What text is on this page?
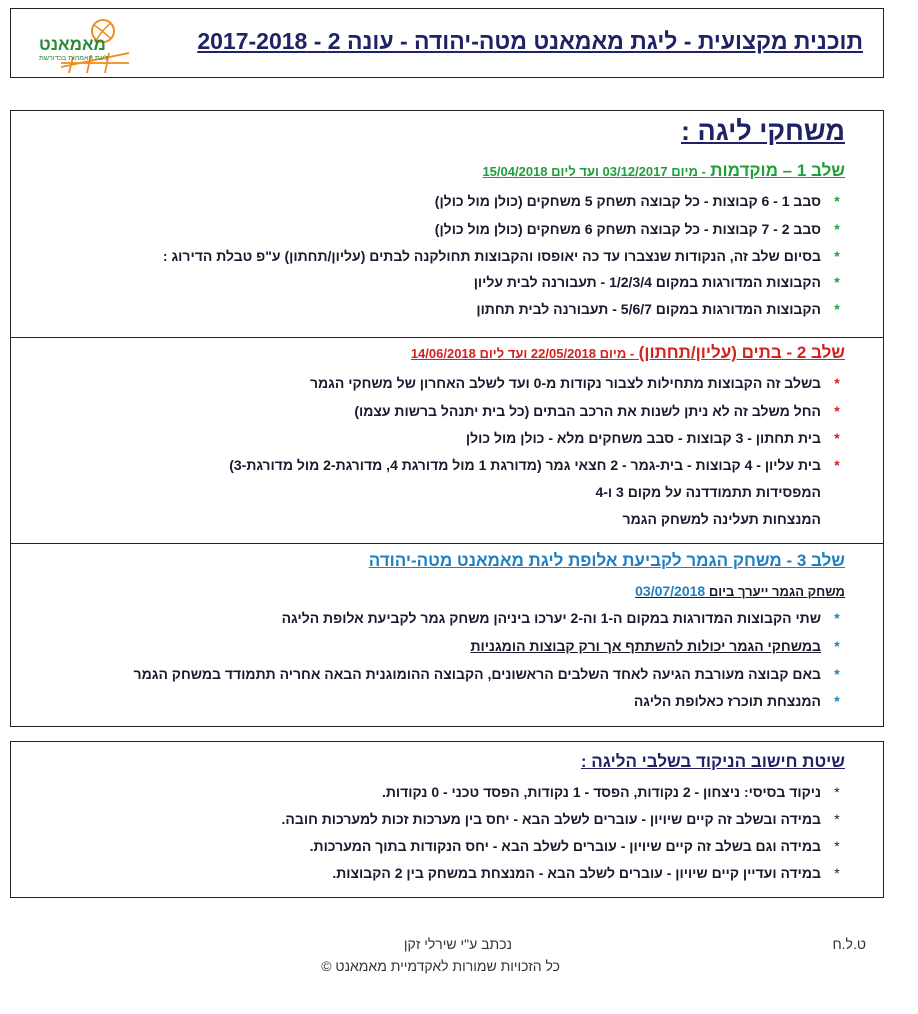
מאמאנט
ליגת האמהות בכדורשת
תוכנית מקצועית - ליגת מאמאנט מטה-יהודה - עונה 2 - 2017-2018
משחקי ליגה :
שלב 1 – מוקדמות - מיום 03/12/2017 ועד ליום 15/04/2018
*סבב 1 - 6 קבוצות - כל קבוצה תשחק 5 משחקים (כולן מול כולן)
*סבב 2 - 7 קבוצות - כל קבוצה תשחק 6 משחקים (כולן מול כולן)
*בסיום שלב זה, הנקודות שנצברו עד כה יאופסו והקבוצות תחולקנה לבתים (עליון/תחתון) ע"פ טבלת הדירוג :
*הקבוצות המדורגות במקום 1/2/3/4 - תעבורנה לבית עליון
*הקבוצות המדורגות במקום 5/6/7 - תעבורנה לבית תחתון
שלב 2 - בתים (עליון/תחתון) - מיום 22/05/2018 ועד ליום 14/06/2018
*בשלב זה הקבוצות מתחילות לצבור נקודות מ-0 ועד לשלב האחרון של משחקי הגמר
*החל משלב זה לא ניתן לשנות את הרכב הבתים (כל בית יתנהל ברשות עצמו)
*בית תחתון - 3 קבוצות - סבב משחקים מלא - כולן מול כולן
*בית עליון - 4 קבוצות - בית-גמר - 2 חצאי גמר (מדורגת 1 מול מדורגת 4, מדורגת-2 מול מדורגת-3)
המפסידות תתמודדנה על מקום 3 ו-4
המנצחות תעלינה למשחק הגמר
שלב 3 - משחק הגמר לקביעת אלופת ליגת מאמאנט מטה-יהודה
משחק הגמר ייערך ביום 03/07/2018
*שתי הקבוצות המדורגות במקום ה-1 וה-2 יערכו ביניהן משחק גמר לקביעת אלופת הליגה
*במשחקי הגמר יכולות להשתתף אך ורק קבוצות הומגניות
*באם קבוצה מעורבת הגיעה לאחד השלבים הראשונים, הקבוצה ההומוגנית הבאה אחריה תתמודד במשחק הגמר
*המנצחת תוכרז כאלופת הליגה
שיטת חישוב הניקוד בשלבי הליגה :
*ניקוד בסיסי: ניצחון - 2 נקודות, הפסד - 1 נקודות, הפסד טכני - 0 נקודות.
*במידה ובשלב זה קיים שיויון - עוברים לשלב הבא - יחס בין מערכות זכות למערכות חובה.
*במידה וגם בשלב זה קיים שיויון - עוברים לשלב הבא - יחס הנקודות בתוך המערכות.
*במידה ועדיין קיים שיויון - עוברים לשלב הבא - המנצחת במשחק בין 2 הקבוצות.
נכתב ע"י שירלי זקן
כל הזכויות שמורות לאקדמיית מאמאנט ©
ט.ל.ח
